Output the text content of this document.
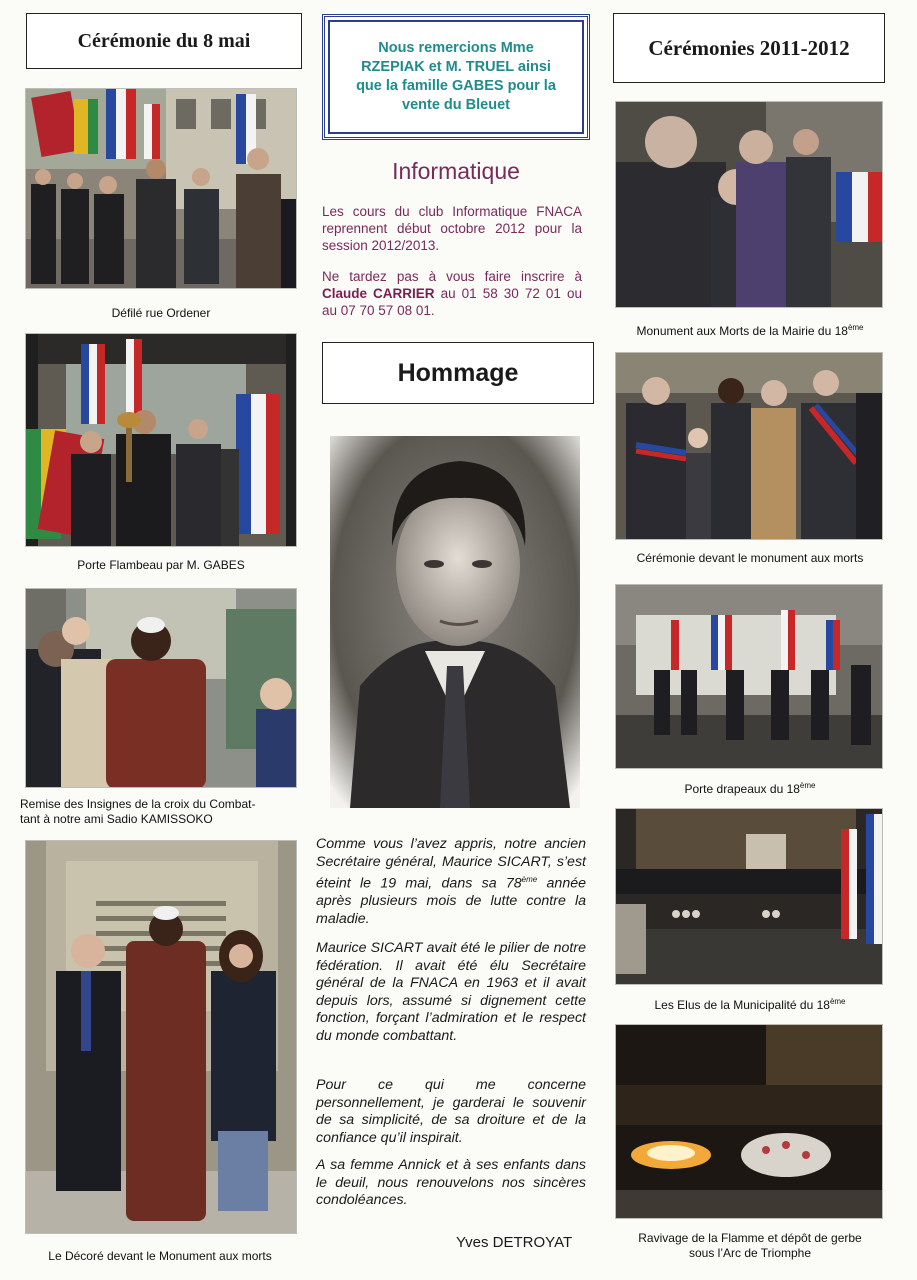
Cérémonie du 8 mai
Défilé rue Ordener
Porte Flambeau par M. GABES
Remise des Insignes de la croix du Combat-
tant à notre ami Sadio KAMISSOKO
Le Décoré devant le Monument aux morts
Nous remercions Mme RZEPIAK et M. TRUEL ainsi que la famille GABES pour la vente du Bleuet
Informatique
Les cours du club Informatique FNACA reprennent début octobre 2012 pour la session 2012/2013.
Ne tardez pas à vous faire inscrire à Claude CARRIER au 01 58 30 72 01 ou au 07 70 57 08 01.
Hommage
Comme vous l’avez appris, notre ancien Secrétaire général, Maurice SICART, s’est éteint le 19 mai, dans sa 78ème année après plusieurs mois de lutte contre la maladie.
Maurice SICART avait été le pilier de notre fédération. Il avait été élu Secrétaire général de la FNACA en 1963 et il avait depuis lors, assumé si dignement cette fonction, forçant l’admiration et le respect du monde combattant.
Pour ce qui me concerne personnellement, je garderai le souvenir de sa simplicité, de sa droiture et de la confiance qu’il inspirait.
A sa femme Annick et à ses enfants dans le deuil, nous renouvelons nos sincères condoléances.
Yves DETROYAT
Cérémonies 2011-2012
Monument aux Morts de la Mairie du 18ème
Cérémonie devant le monument aux morts
Porte drapeaux du 18ème
Les Elus de la Municipalité du 18ème
Ravivage de la Flamme et dépôt de gerbe
sous l’Arc de Triomphe
